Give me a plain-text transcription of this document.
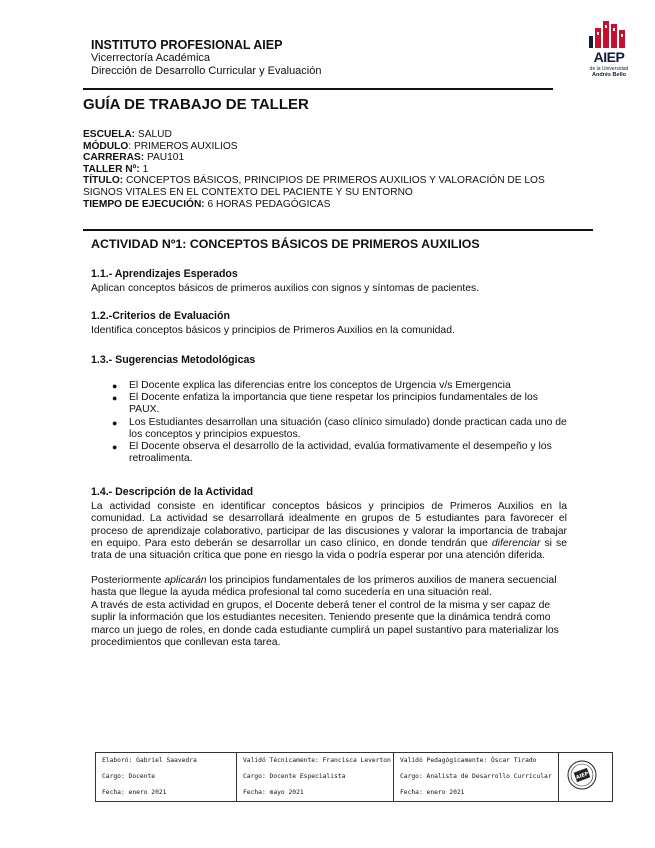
INSTITUTO PROFESIONAL AIEP

Vicerrectoría Académica

Dirección de Desarrollo Curricular y Evaluación

AIEP
de la Universidad
Andrés Bello
GUÍA DE TRABAJO DE TALLER
ESCUELA: SALUD
MÓDULO: PRIMEROS AUXILIOS
CARRERAS: PAU101
TALLER Nº: 1
TÍTULO: CONCEPTOS BÁSICOS, PRINCIPIOS DE PRIMEROS AUXILIOS Y VALORACIÓN DE LOS SIGNOS VITALES EN EL CONTEXTO DEL PACIENTE Y SU ENTORNO
TIEMPO DE EJECUCIÓN: 6 HORAS PEDAGÓGICAS
ACTIVIDAD Nº1: CONCEPTOS BÁSICOS DE PRIMEROS AUXILIOS

1.1.- Aprendizajes Esperados

Aplican conceptos básicos de primeros auxilios con signos y síntomas de pacientes.

1.2.-Criterios de Evaluación

Identifica conceptos básicos y principios de Primeros Auxilios en la comunidad.

1.3.- Sugerencias Metodológicas

● El Docente explica las diferencias entre los conceptos de Urgencia v/s Emergencia
● El Docente enfatiza la importancia que tiene respetar los principios fundamentales de los PAUX.
● Los Estudiantes desarrollan una situación (caso clínico simulado) donde practican cada uno de los conceptos y principios expuestos.
● El Docente observa el desarrollo de la actividad, evalúa formativamente el desempeño y los retroalimenta.

1.4.- Descripción de la Actividad

La actividad consiste en identificar conceptos básicos y principios de Primeros Auxilios en la comunidad. La actividad se desarrollará idealmente en grupos de 5 estudiantes para favorecer el proceso de aprendizaje colaborativo, participar de las discusiones y valorar la importancia de trabajar en equipo. Para esto deberán se desarrollar un caso clínico, en donde tendrán que diferenciar si se trata de una situación crítica que pone en riesgo la vida o podría esperar por una atención diferida.

Posteriormente aplicarán los principios fundamentales de los primeros auxilios de manera secuencial hasta que llegue la ayuda médica profesional tal como sucedería en una situación real.

A través de esta actividad en grupos, el Docente deberá tener el control de la misma y ser capaz de suplir la información que los estudiantes necesiten. Teniendo presente que la dinámica tendrá como marco un juego de roles, en donde cada estudiante cumplirá un papel sustantivo para materializar los procedimientos que conllevan esta tarea.

Elaboró: Gabriel Saavedra
Cargo: Docente
Fecha: enero 2021
Validó Técnicamente: Francisca Leverton
Cargo: Docente Especialista
Fecha: mayo 2021
Validó Pedagógicamente: Óscar Tirado
Cargo: Analista de Desarrollo Curricular
Fecha: enero 2021
AIEP
